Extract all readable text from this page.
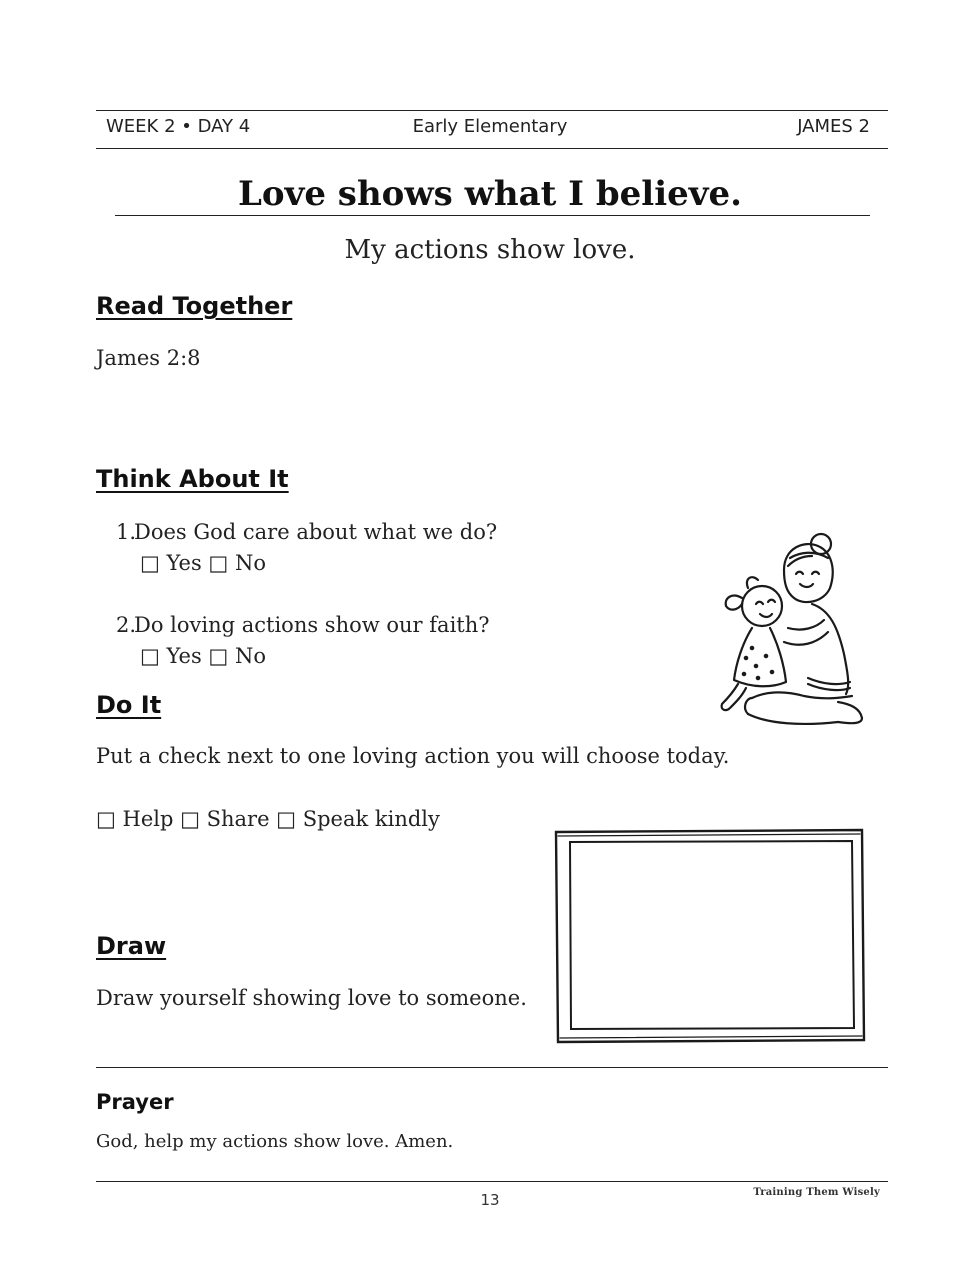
WEEK 2 • DAY 4	Early Elementary	JAMES 2
Love shows what I believe.
My actions show love.
Read Together
James 2:8
Think About It
1.
Does God care about what we do?
□ Yes □ No
2.
Do loving actions show our faith?
□ Yes □ No
Do It
Put a check next to one loving action you will choose today.
□ Help □ Share □ Speak kindly
Draw
Draw yourself showing love to someone.
Prayer
God, help my actions show love. Amen.
13	Training Them Wisely
